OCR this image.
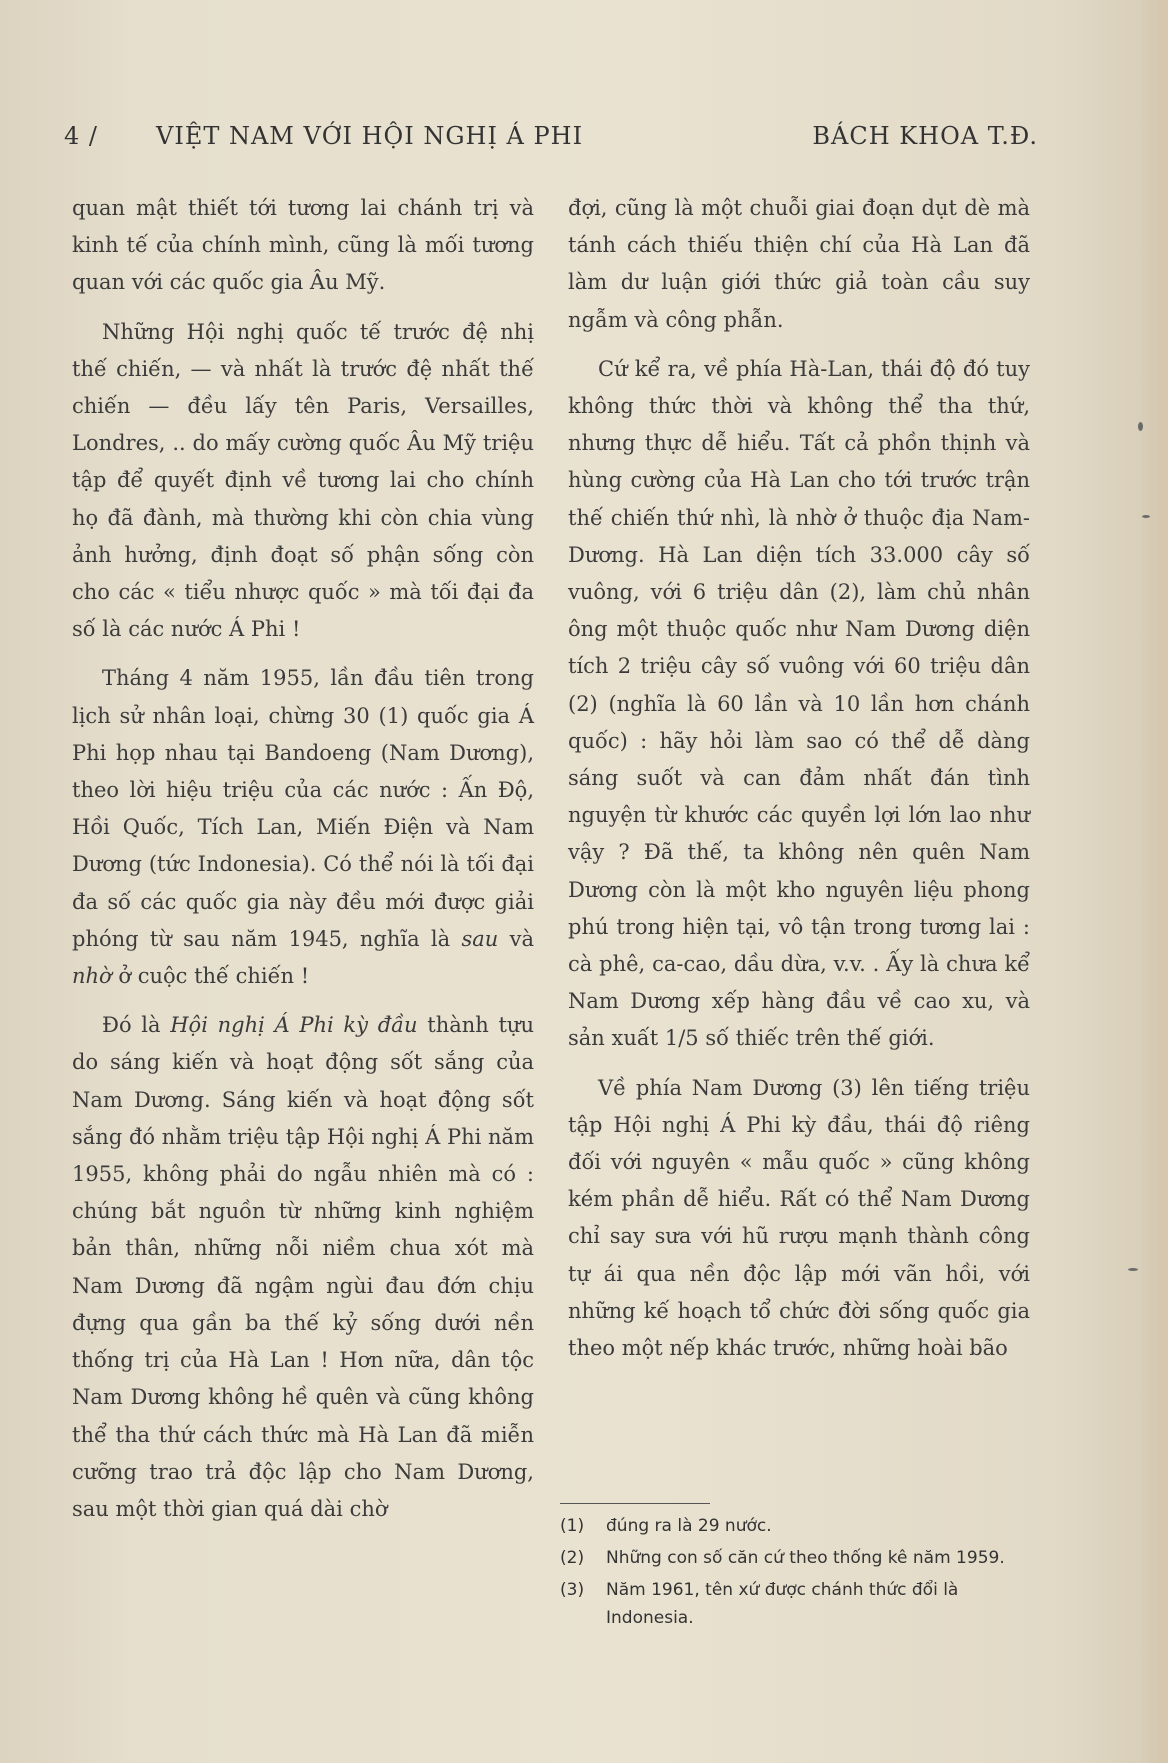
4 / VIỆT NAM VỚI HỘI NGHỊ Á PHI	BÁCH KHOA T.Đ.

quan mật thiết tới tương lai chánh trị và kinh tế của chính mình, cũng là mối tương quan với các quốc gia Âu Mỹ.

Những Hội nghị quốc tế trước đệ nhị thế chiến, — và nhất là trước đệ nhất thế chiến — đều lấy tên Paris, Versailles, Londres, .. do mấy cường quốc Âu Mỹ triệu tập để quyết định về tương lai cho chính họ đã đành, mà thường khi còn chia vùng ảnh hưởng, định đoạt số phận sống còn cho các « tiểu nhược quốc » mà tối đại đa số là các nước Á Phi !

Tháng 4 năm 1955, lần đầu tiên trong lịch sử nhân loại, chừng 30 (1) quốc gia Á Phi họp nhau tại Bandoeng (Nam Dương), theo lời hiệu triệu của các nước : Ấn Độ, Hồi Quốc, Tích Lan, Miến Điện và Nam Dương (tức Indonesia). Có thể nói là tối đại đa số các quốc gia này đều mới được giải phóng từ sau năm 1945, nghĩa là sau và nhờ ở cuộc thế chiến !

Đó là Hội nghị Á Phi kỳ đầu thành tựu do sáng kiến và hoạt động sốt sắng của Nam Dương. Sáng kiến và hoạt động sốt sắng đó nhằm triệu tập Hội nghị Á Phi năm 1955, không phải do ngẫu nhiên mà có : chúng bắt nguồn từ những kinh nghiệm bản thân, những nỗi niềm chua xót mà Nam Dương đã ngậm ngùi đau đớn chịu đựng qua gần ba thế kỷ sống dưới nền thống trị của Hà Lan ! Hơn nữa, dân tộc Nam Dương không hề quên và cũng không thể tha thứ cách thức mà Hà Lan đã miễn cưỡng trao trả độc lập cho Nam Dương, sau một thời gian quá dài chờ

đợi, cũng là một chuỗi giai đoạn dụt dè mà tánh cách thiếu thiện chí của Hà Lan đã làm dư luận giới thức giả toàn cầu suy ngẫm và công phẫn.

Cứ kể ra, về phía Hà-Lan, thái độ đó tuy không thức thời và không thể tha thứ, nhưng thực dễ hiểu. Tất cả phồn thịnh và hùng cường của Hà Lan cho tới trước trận thế chiến thứ nhì, là nhờ ở thuộc địa Nam-Dương. Hà Lan diện tích 33.000 cây số vuông, với 6 triệu dân (2), làm chủ nhân ông một thuộc quốc như Nam Dương diện tích 2 triệu cây số vuông với 60 triệu dân (2) (nghĩa là 60 lần và 10 lần hơn chánh quốc) : hãy hỏi làm sao có thể dễ dàng sáng suốt và can đảm nhất đán tình nguyện từ khước các quyền lợi lớn lao như vậy ? Đã thế, ta không nên quên Nam Dương còn là một kho nguyên liệu phong phú trong hiện tại, vô tận trong tương lai : cà phê, ca-cao, dầu dừa, v.v. . Ấy là chưa kể Nam Dương xếp hàng đầu về cao xu, và sản xuất 1/5 số thiếc trên thế giới.

Về phía Nam Dương (3) lên tiếng triệu tập Hội nghị Á Phi kỳ đầu, thái độ riêng đối với nguyên « mẫu quốc » cũng không kém phần dễ hiểu. Rất có thể Nam Dương chỉ say sưa với hũ rượu mạnh thành công tự ái qua nền độc lập mới vãn hồi, với những kế hoạch tổ chức đời sống quốc gia theo một nếp khác trước, những hoài bão

(1) đúng ra là 29 nước.
(2) Những con số căn cứ theo thống kê năm 1959.
(3) Năm 1961, tên xứ được chánh thức đổi là Indonesia.
